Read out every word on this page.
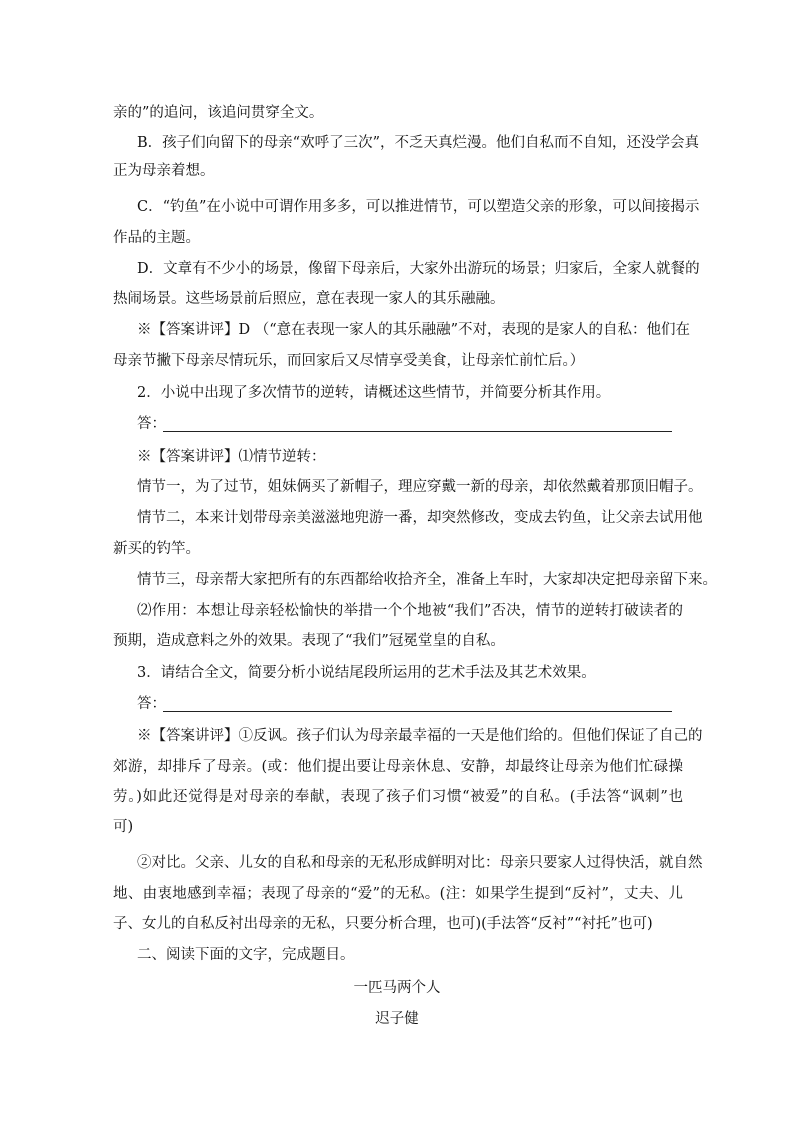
亲的”的追问，该追问贯穿全文。
B．孩子们向留下的母亲“欢呼了三次”，不乏天真烂漫。他们自私而不自知，还没学会真
正为母亲着想。
C．“钓鱼”在小说中可谓作用多多，可以推进情节，可以塑造父亲的形象，可以间接揭示
作品的主题。
D．文章有不少小的场景，像留下母亲后，大家外出游玩的场景；归家后，全家人就餐的
热闹场景。这些场景前后照应，意在表现一家人的其乐融融。
※【答案讲评】D （“意在表现一家人的其乐融融”不对，表现的是家人的自私：他们在
母亲节撇下母亲尽情玩乐，而回家后又尽情享受美食，让母亲忙前忙后。）
2．小说中出现了多次情节的逆转，请概述这些情节，并简要分析其作用。
答：
※【答案讲评】⑴情节逆转：
情节一，为了过节，姐妹俩买了新帽子，理应穿戴一新的母亲，却依然戴着那顶旧帽子。
情节二，本来计划带母亲美滋滋地兜游一番，却突然修改，变成去钓鱼，让父亲去试用他
新买的钓竿。
情节三，母亲帮大家把所有的东西都给收拾齐全，准备上车时，大家却决定把母亲留下来。
⑵作用：本想让母亲轻松愉快的举措一个个地被“我们”否决，情节的逆转打破读者的
预期，造成意料之外的效果。表现了“我们”冠冕堂皇的自私。
3．请结合全文，简要分析小说结尾段所运用的艺术手法及其艺术效果。
答：
※【答案讲评】①反讽。孩子们认为母亲最幸福的一天是他们给的。但他们保证了自己的
郊游，却排斥了母亲。(或：他们提出要让母亲休息、安静，却最终让母亲为他们忙碌操
劳。)如此还觉得是对母亲的奉献，表现了孩子们习惯“被爱”的自私。(手法答“讽刺”也
可)
②对比。父亲、儿女的自私和母亲的无私形成鲜明对比：母亲只要家人过得快活，就自然
地、由衷地感到幸福；表现了母亲的“爱”的无私。(注：如果学生提到“反衬”，丈夫、儿
子、女儿的自私反衬出母亲的无私，只要分析合理，也可)(手法答“反衬”“衬托”也可)
二、阅读下面的文字，完成题目。
一匹马两个人
迟子健
